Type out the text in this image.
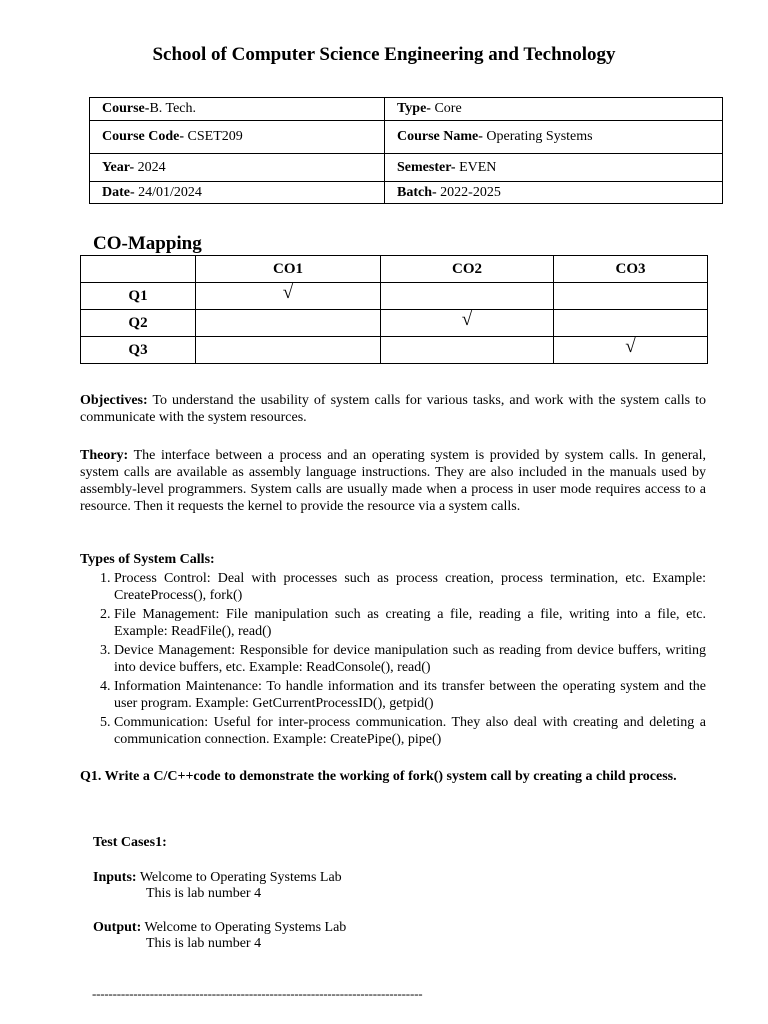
School of Computer Science Engineering and Technology
Course-B. Tech.	Type- Core
Course Code- CSET209	Course Name- Operating Systems
Year- 2024	Semester- EVEN
Date- 24/01/2024	Batch- 2022-2025
CO-Mapping
	CO1	CO2	CO3
Q1	√		
Q2		√	
Q3			√

Objectives: To understand the usability of system calls for various tasks, and work with the system calls to communicate with the system resources.

Theory: The interface between a process and an operating system is provided by system calls. In general, system calls are available as assembly language instructions. They are also included in the manuals used by assembly-level programmers. System calls are usually made when a process in user mode requires access to a resource. Then it requests the kernel to provide the resource via a system calls.

Types of System Calls:
1. Process Control: Deal with processes such as process creation, process termination, etc. Example: CreateProcess(), fork()
2. File Management: File manipulation such as creating a file, reading a file, writing into a file, etc. Example: ReadFile(), read()
3. Device Management: Responsible for device manipulation such as reading from device buffers, writing into device buffers, etc. Example: ReadConsole(), read()
4. Information Maintenance: To handle information and its transfer between the operating system and the user program. Example: GetCurrentProcessID(), getpid()
5. Communication: Useful for inter-process communication. They also deal with creating and deleting a communication connection. Example: CreatePipe(), pipe()
Q1. Write a C/C++code to demonstrate the working of fork() system call by creating a child process.
Test Cases1:
Inputs: Welcome to Operating Systems Lab
This is lab number 4
Output: Welcome to Operating Systems Lab
This is lab number 4
--------------------------------------------------------------------------------
